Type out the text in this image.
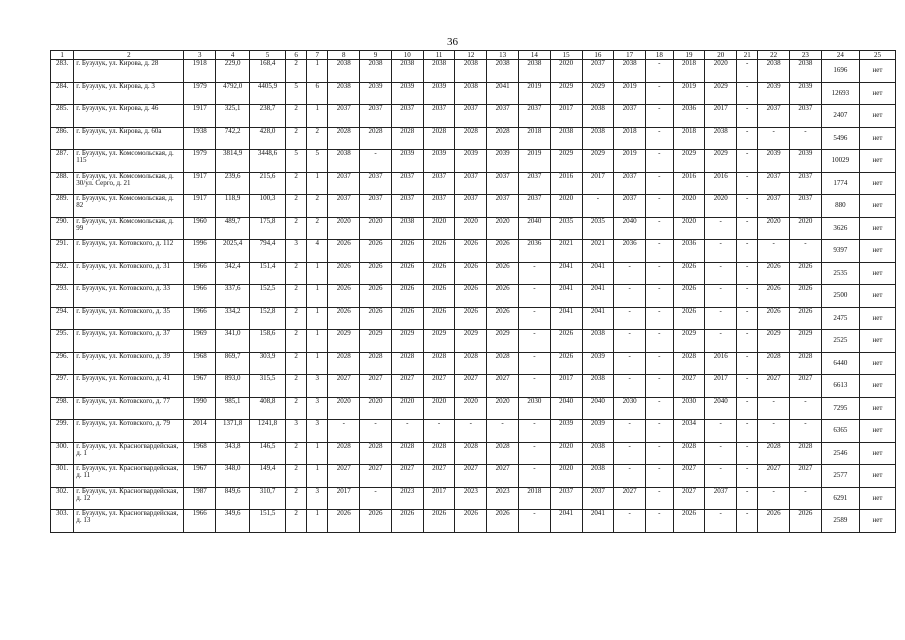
36
1	2	3	4	5	6	7	8	9	10	11	12	13	14	15	16	17	18	19	20	21	22	23	24	25
283.	г. Бузулук, ул. Кирова, д. 28	1918	229,0	168,4	2	1	2038	2038	2038	2038	2038	2038	2038	2020	2037	2038	-	2018	2020	-	2038	2038	1696	нет
284.	г. Бузулук, ул. Кирова, д. 3	1979	4792,0	4405,9	5	6	2038	2039	2039	2039	2038	2041	2019	2029	2029	2019	-	2019	2029	-	2039	2039	12693	нет
285.	г. Бузулук, ул. Кирова, д. 46	1917	325,1	238,7	2	1	2037	2037	2037	2037	2037	2037	2037	2017	2038	2037	-	2036	2017	-	2037	2037	2407	нет
286.	г. Бузулук, ул. Кирова, д. 60а	1938	742,2	428,0	2	2	2028	2028	2028	2028	2028	2028	2018	2038	2038	2018	-	2018	2038	-	-	-	5496	нет
287.	г. Бузулук, ул. Комсомольская, д. 115	1979	3814,9	3448,6	5	5	2038	-	2039	2039	2039	2039	2019	2029	2029	2019	-	2029	2029	-	2039	2039	10029	нет
288.	г. Бузулук, ул. Комсомольская, д. 30/ул. Серго, д. 21	1917	239,6	215,6	2	1	2037	2037	2037	2037	2037	2037	2037	2016	2017	2037	-	2016	2016	-	2037	2037	1774	нет
289.	г. Бузулук, ул. Комсомольская, д. 82	1917	118,9	100,3	2	2	2037	2037	2037	2037	2037	2037	2037	2020	-	2037	-	2020	2020	-	2037	2037	880	нет
290.	г. Бузулук, ул. Комсомольская, д. 99	1960	489,7	175,8	2	2	2020	2020	2038	2020	2020	2020	2040	2035	2035	2040	-	2020	-	-	2020	2020	3626	нет
291.	г. Бузулук, ул. Котовского, д. 112	1996	2025,4	794,4	3	4	2026	2026	2026	2026	2026	2026	2036	2021	2021	2036	-	2036	-	-	-	-	9397	нет
292.	г. Бузулук, ул. Котовского, д. 31	1966	342,4	151,4	2	1	2026	2026	2026	2026	2026	2026	-	2041	2041	-	-	2026	-	-	2026	2026	2535	нет
293.	г. Бузулук, ул. Котовского, д. 33	1966	337,6	152,5	2	1	2026	2026	2026	2026	2026	2026	-	2041	2041	-	-	2026	-	-	2026	2026	2500	нет
294.	г. Бузулук, ул. Котовского, д. 35	1966	334,2	152,8	2	1	2026	2026	2026	2026	2026	2026	-	2041	2041	-	-	2026	-	-	2026	2026	2475	нет
295.	г. Бузулук, ул. Котовского, д. 37	1969	341,0	158,6	2	1	2029	2029	2029	2029	2029	2029	-	2026	2038	-	-	2029	-	-	2029	2029	2525	нет
296.	г. Бузулук, ул. Котовского, д. 39	1968	869,7	303,9	2	1	2028	2028	2028	2028	2028	2028	-	2026	2039	-	-	2028	2016	-	2028	2028	6440	нет
297.	г. Бузулук, ул. Котовского, д. 41	1967	893,0	315,5	2	3	2027	2027	2027	2027	2027	2027	-	2017	2038	-	-	2027	2017	-	2027	2027	6613	нет
298.	г. Бузулук, ул. Котовского, д. 77	1990	985,1	408,8	2	3	2020	2020	2020	2020	2020	2020	2030	2040	2040	2030	-	2030	2040	-	-	-	7295	нет
299.	г. Бузулук, ул. Котовского, д. 79	2014	1371,8	1241,8	3	3	-	-	-	-	-	-	-	2039	2039	-	-	2034	-	-	-	-	6365	нет
300.	г. Бузулук, ул. Красногвардейская, д. 1	1968	343,8	146,5	2	1	2028	2028	2028	2028	2028	2028	-	2020	2038	-	-	2028	-	-	2028	2028	2546	нет
301.	г. Бузулук, ул. Красногвардейская, д. 11	1967	348,0	149,4	2	1	2027	2027	2027	2027	2027	2027	-	2020	2038	-	-	2027	-	-	2027	2027	2577	нет
302.	г. Бузулук, ул. Красногвардейская, д. 12	1987	849,6	310,7	2	3	2017	-	2023	2017	2023	2023	2018	2037	2037	2027	-	2027	2037	-	-	-	6291	нет
303.	г. Бузулук, ул. Красногвардейская, д. 13	1966	349,6	151,5	2	1	2026	2026	2026	2026	2026	2026	-	2041	2041	-	-	2026	-	-	2026	2026	2589	нет
